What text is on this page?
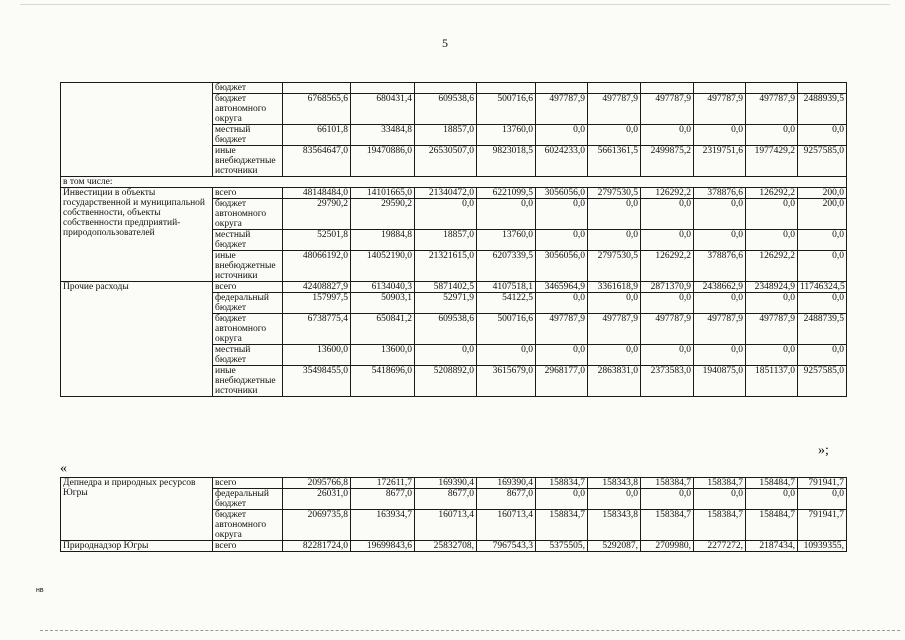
5
	бюджет										
	бюджет автономного округа	6768565,6	680431,4	609538,6	500716,6	497787,9	497787,9	497787,9	497787,9	497787,9	2488939,5
	местный бюджет	66101,8	33484,8	18857,0	13760,0	0,0	0,0	0,0	0,0	0,0	0,0
	иные внебюджетные источники	83564647,0	19470886,0	26530507,0	9823018,5	6024233,0	5661361,5	2499875,2	2319751,6	1977429,2	9257585,0
в том числе:											
Инвестиции в объекты государственной и муниципальной собственности, объекты собственности предприятий-природопользователей	всего	48148484,0	14101665,0	21340472,0	6221099,5	3056056,0	2797530,5	126292,2	378876,6	126292,2	200,0
	бюджет автономного округа	29790,2	29590,2	0,0	0,0	0,0	0,0	0,0	0,0	0,0	200,0
	местный бюджет	52501,8	19884,8	18857,0	13760,0	0,0	0,0	0,0	0,0	0,0	0,0
	иные внебюджетные источники	48066192,0	14052190,0	21321615,0	6207339,5	3056056,0	2797530,5	126292,2	378876,6	126292,2	0,0
Прочие расходы	всего	42408827,9	6134040,3	5871402,5	4107518,1	3465964,9	3361618,9	2871370,9	2438662,9	2348924,9	11746324,5
	федеральный бюджет	157997,5	50903,1	52971,9	54122,5	0,0	0,0	0,0	0,0	0,0	0,0
	бюджет автономного округа	6738775,4	650841,2	609538,6	500716,6	497787,9	497787,9	497787,9	497787,9	497787,9	2488739,5
	местный бюджет	13600,0	13600,0	0,0	0,0	0,0	0,0	0,0	0,0	0,0	0,0
	иные внебюджетные источники	35498455,0	5418696,0	5208892,0	3615679,0	2968177,0	2863831,0	2373583,0	1940875,0	1851137,0	9257585,0
»;
«
Депнедра и природных ресурсов Югры	всего	2095766,8	172611,7	169390,4	169390,4	158834,7	158343,8	158384,7	158384,7	158484,7	791941,7
	федеральный бюджет	26031,0	8677,0	8677,0	8677,0	0,0	0,0	0,0	0,0	0,0	0,0
	бюджет автономного округа	2069735,8	163934,7	160713,4	160713,4	158834,7	158343,8	158384,7	158384,7	158484,7	791941,7
Природнадзор Югры	всего	82281724,0	19699843,6	25832708,	7967543,3	5375505,	5292087,	2709980,	2277272,	2187434,	10939355,
нв
